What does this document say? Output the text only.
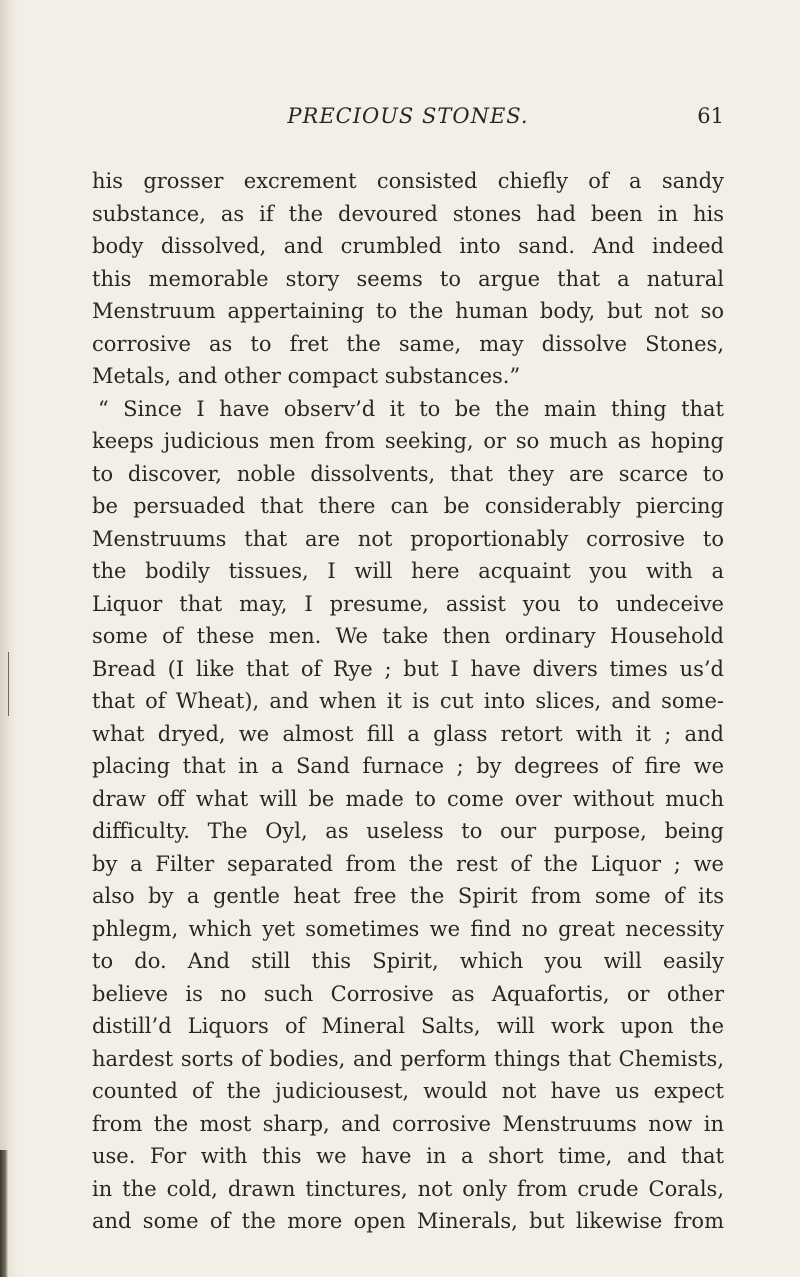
PRECIOUS STONES.	61
his grosser excrement consisted chiefly of a sandy
substance, as if the devoured stones had been in his
body dissolved, and crumbled into sand. And indeed
this memorable story seems to argue that a natural
Menstruum appertaining to the human body, but not so
corrosive as to fret the same, may dissolve Stones,
Metals, and other compact substances.”
“ Since I have observ’d it to be the main thing that
keeps judicious men from seeking, or so much as hoping
to discover, noble dissolvents, that they are scarce to
be persuaded that there can be considerably piercing
Menstruums that are not proportionably corrosive to
the bodily tissues, I will here acquaint you with a
Liquor that may, I presume, assist you to undeceive
some of these men. We take then ordinary Household
Bread (I like that of Rye ; but I have divers times us’d
that of Wheat), and when it is cut into slices, and some-
what dryed, we almost fill a glass retort with it ; and
placing that in a Sand furnace ; by degrees of fire we
draw off what will be made to come over without much
difficulty. The Oyl, as useless to our purpose, being
by a Filter separated from the rest of the Liquor ; we
also by a gentle heat free the Spirit from some of its
phlegm, which yet sometimes we find no great necessity
to do. And still this Spirit, which you will easily
believe is no such Corrosive as Aquafortis, or other
distill’d Liquors of Mineral Salts, will work upon the
hardest sorts of bodies, and perform things that Chemists,
counted of the judiciousest, would not have us expect
from the most sharp, and corrosive Menstruums now in
use. For with this we have in a short time, and that
in the cold, drawn tinctures, not only from crude Corals,
and some of the more open Minerals, but likewise from
